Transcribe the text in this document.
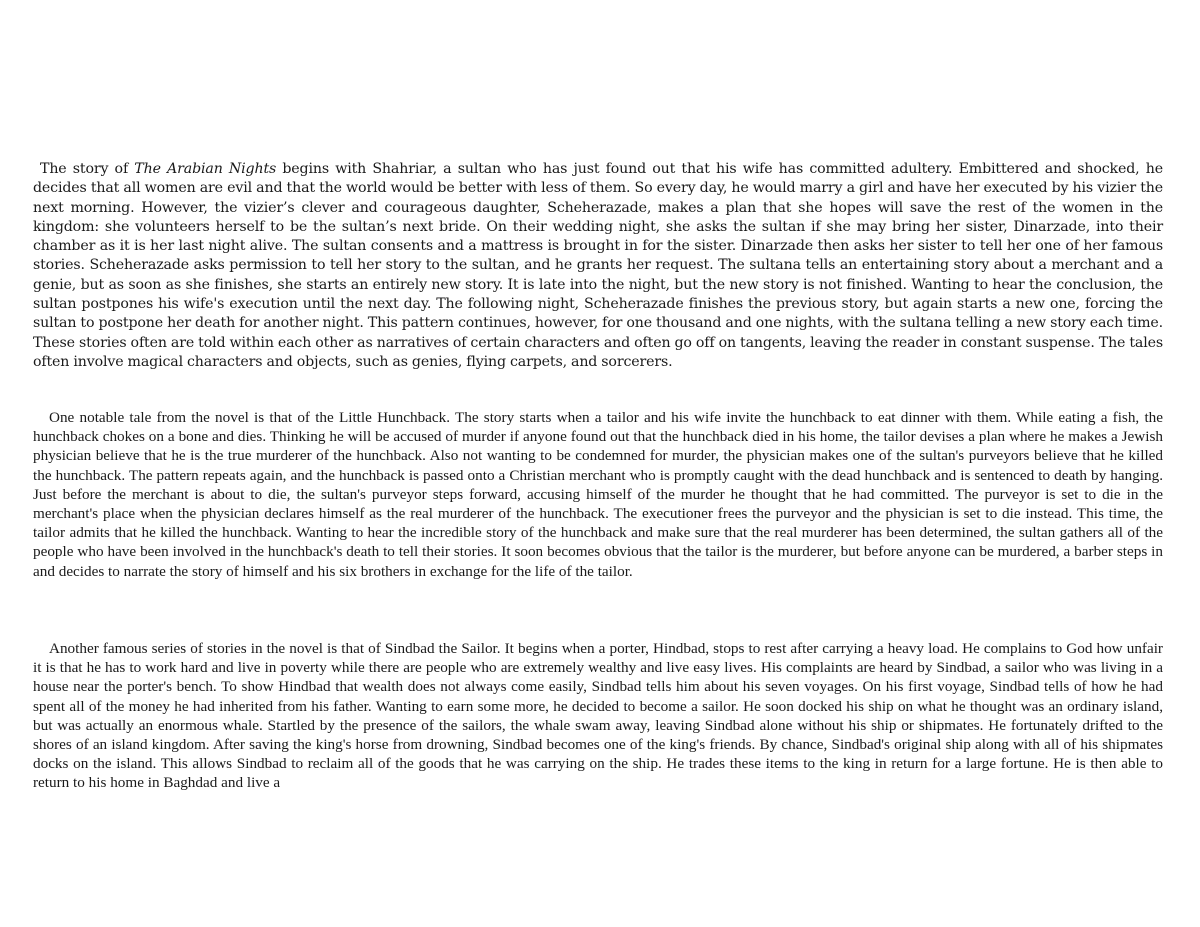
The story of The Arabian Nights begins with Shahriar, a sultan who has just found out that his wife has committed adultery. Embittered and shocked, he decides that all women are evil and that the world would be better with less of them. So every day, he would marry a girl and have her executed by his vizier the next morning. However, the vizier’s clever and courageous daughter, Scheherazade, makes a plan that she hopes will save the rest of the women in the kingdom: she volunteers herself to be the sultan’s next bride. On their wedding night, she asks the sultan if she may bring her sister, Dinarzade, into their chamber as it is her last night alive. The sultan consents and a mattress is brought in for the sister. Dinarzade then asks her sister to tell her one of her famous stories. Scheherazade asks permission to tell her story to the sultan, and he grants her request. The sultana tells an entertaining story about a merchant and a genie, but as soon as she finishes, she starts an entirely new story. It is late into the night, but the new story is not finished. Wanting to hear the conclusion, the sultan postpones his wife's execution until the next day. The following night, Scheherazade finishes the previous story, but again starts a new one, forcing the sultan to postpone her death for another night. This pattern continues, however, for one thousand and one nights, with the sultana telling a new story each time. These stories often are told within each other as narratives of certain characters and often go off on tangents, leaving the reader in constant suspense. The tales often involve magical characters and objects, such as genies, flying carpets, and sorcerers.

One notable tale from the novel is that of the Little Hunchback. The story starts when a tailor and his wife invite the hunchback to eat dinner with them. While eating a fish, the hunchback chokes on a bone and dies. Thinking he will be accused of murder if anyone found out that the hunchback died in his home, the tailor devises a plan where he makes a Jewish physician believe that he is the true murderer of the hunchback. Also not wanting to be condemned for murder, the physician makes one of the sultan's purveyors believe that he killed the hunchback. The pattern repeats again, and the hunchback is passed onto a Christian merchant who is promptly caught with the dead hunchback and is sentenced to death by hanging. Just before the merchant is about to die, the sultan's purveyor steps forward, accusing himself of the murder he thought that he had committed. The purveyor is set to die in the merchant's place when the physician declares himself as the real murderer of the hunchback. The executioner frees the purveyor and the physician is set to die instead. This time, the tailor admits that he killed the hunchback. Wanting to hear the incredible story of the hunchback and make sure that the real murderer has been determined, the sultan gathers all of the people who have been involved in the hunchback's death to tell their stories. It soon becomes obvious that the tailor is the murderer, but before anyone can be murdered, a barber steps in and decides to narrate the story of himself and his six brothers in exchange for the life of the tailor.

Another famous series of stories in the novel is that of Sindbad the Sailor. It begins when a porter, Hindbad, stops to rest after carrying a heavy load. He complains to God how unfair it is that he has to work hard and live in poverty while there are people who are extremely wealthy and live easy lives. His complaints are heard by Sindbad, a sailor who was living in a house near the porter's bench. To show Hindbad that wealth does not always come easily, Sindbad tells him about his seven voyages. On his first voyage, Sindbad tells of how he had spent all of the money he had inherited from his father. Wanting to earn some more, he decided to become a sailor. He soon docked his ship on what he thought was an ordinary island, but was actually an enormous whale. Startled by the presence of the sailors, the whale swam away, leaving Sindbad alone without his ship or shipmates. He fortunately drifted to the shores of an island kingdom. After saving the king's horse from drowning, Sindbad becomes one of the king's friends. By chance, Sindbad's original ship along with all of his shipmates docks on the island. This allows Sindbad to reclaim all of the goods that he was carrying on the ship. He trades these items to the king in return for a large fortune. He is then able to return to his home in Baghdad and live a
